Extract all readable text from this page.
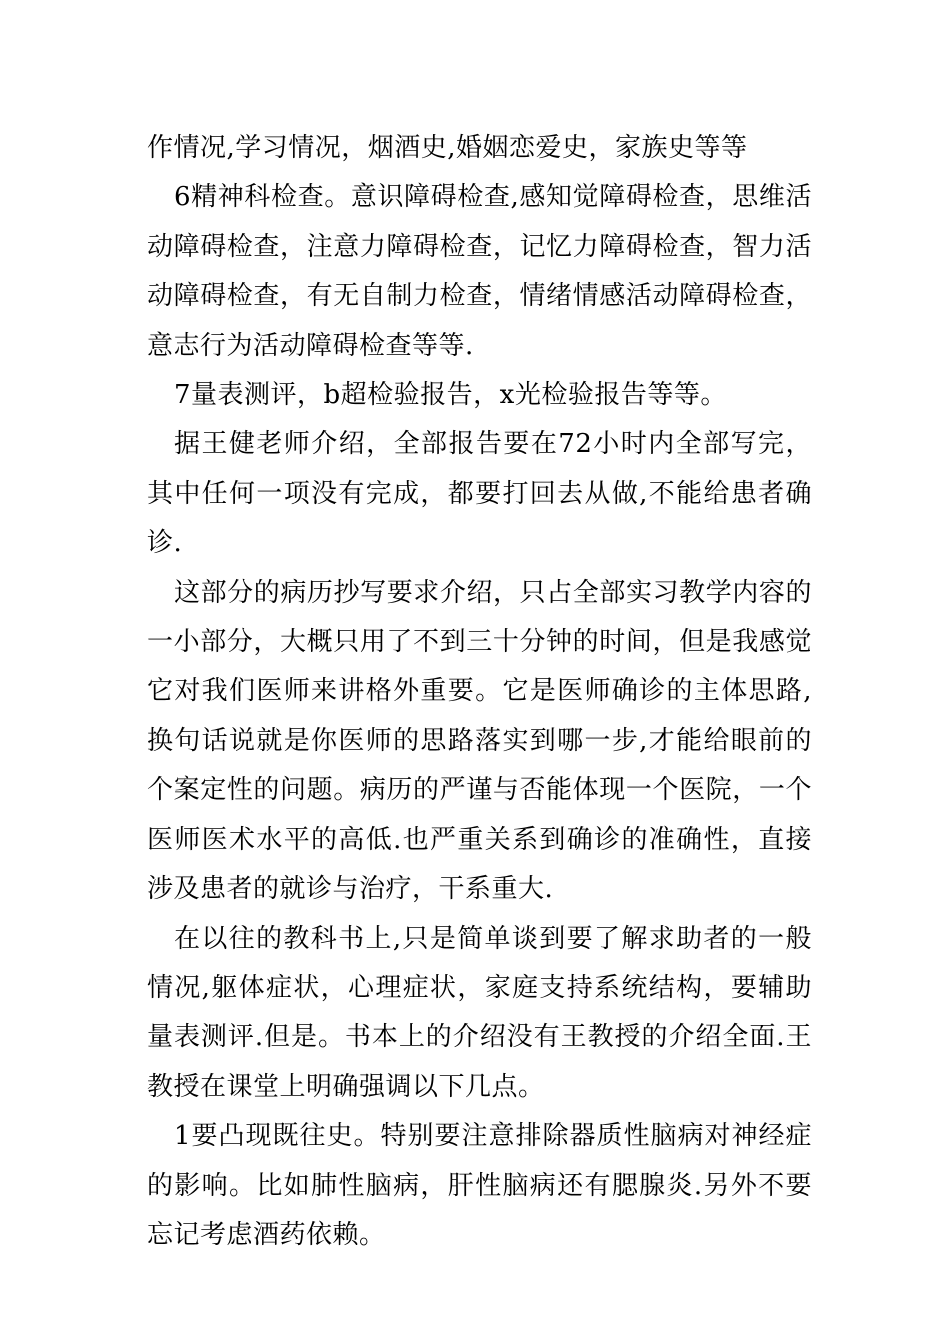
作情况,学习情况，烟酒史,婚姻恋爱史，家族史等等

6精神科检查。意识障碍检查,感知觉障碍检查，思维活动障碍检查，注意力障碍检查，记忆力障碍检查，智力活动障碍检查，有无自制力检查，情绪情感活动障碍检查，意志行为活动障碍检查等等.

7量表测评，b超检验报告，x光检验报告等等。

据王健老师介绍，全部报告要在72小时内全部写完，其中任何一项没有完成，都要打回去从做,不能给患者确诊.

这部分的病历抄写要求介绍，只占全部实习教学内容的一小部分，大概只用了不到三十分钟的时间，但是我感觉它对我们医师来讲格外重要。它是医师确诊的主体思路,换句话说就是你医师的思路落实到哪一步,才能给眼前的个案定性的问题。病历的严谨与否能体现一个医院，一个医师医术水平的高低.也严重关系到确诊的准确性，直接涉及患者的就诊与治疗，干系重大.

在以往的教科书上,只是简单谈到要了解求助者的一般情况,躯体症状，心理症状，家庭支持系统结构，要辅助量表测评.但是。书本上的介绍没有王教授的介绍全面.王教授在课堂上明确强调以下几点。

1要凸现既往史。特别要注意排除器质性脑病对神经症的影响。比如肺性脑病，肝性脑病还有腮腺炎.另外不要忘记考虑酒药依赖。
